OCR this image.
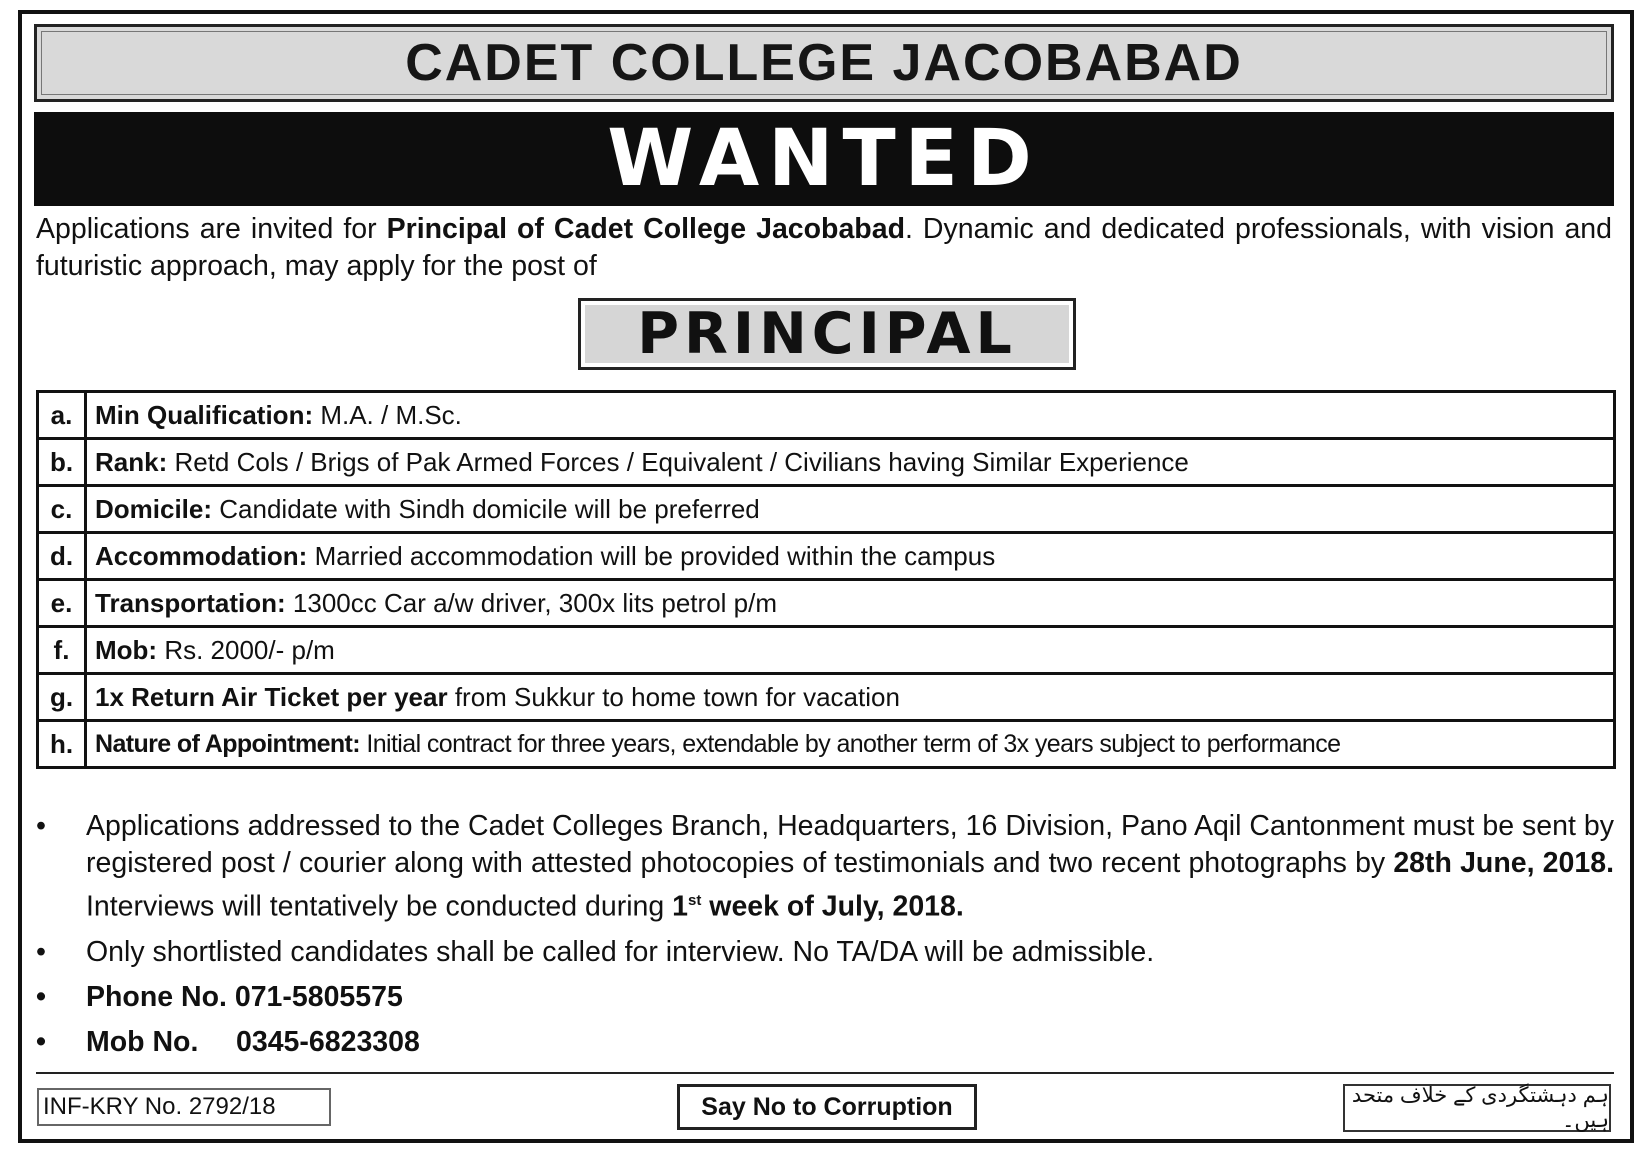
CADET COLLEGE JACOBABAD
WANTED
Applications are invited for Principal of Cadet College Jacobabad. Dynamic and dedicated professionals, with vision and futuristic approach, may apply for the post of
PRINCIPAL
a.	Min Qualification: M.A. / M.Sc.
b.	Rank: Retd Cols / Brigs of Pak Armed Forces / Equivalent / Civilians having Similar Experience
c.	Domicile: Candidate with Sindh domicile will be preferred
d.	Accommodation: Married accommodation will be provided within the campus
e.	Transportation: 1300cc Car a/w driver, 300x lits petrol p/m
f.	Mob: Rs. 2000/- p/m
g.	1x Return Air Ticket per year from Sukkur to home town for vacation
h.	Nature of Appointment: Initial contract for three years, extendable by another term of 3x years subject to performance
• Applications addressed to the Cadet Colleges Branch, Headquarters, 16 Division, Pano Aqil Cantonment must be sent by registered post / courier along with attested photocopies of testimonials and two recent photographs by 28th June, 2018. Interviews will tentatively be conducted during 1st week of July, 2018.
• Only shortlisted candidates shall be called for interview. No TA/DA will be admissible.
• Phone No. 071-5805575
• Mob No. 0345-6823308
INF-KRY No. 2792/18	Say No to Corruption	ہم دہشتگردی کے خلاف متحد ہیں۔
